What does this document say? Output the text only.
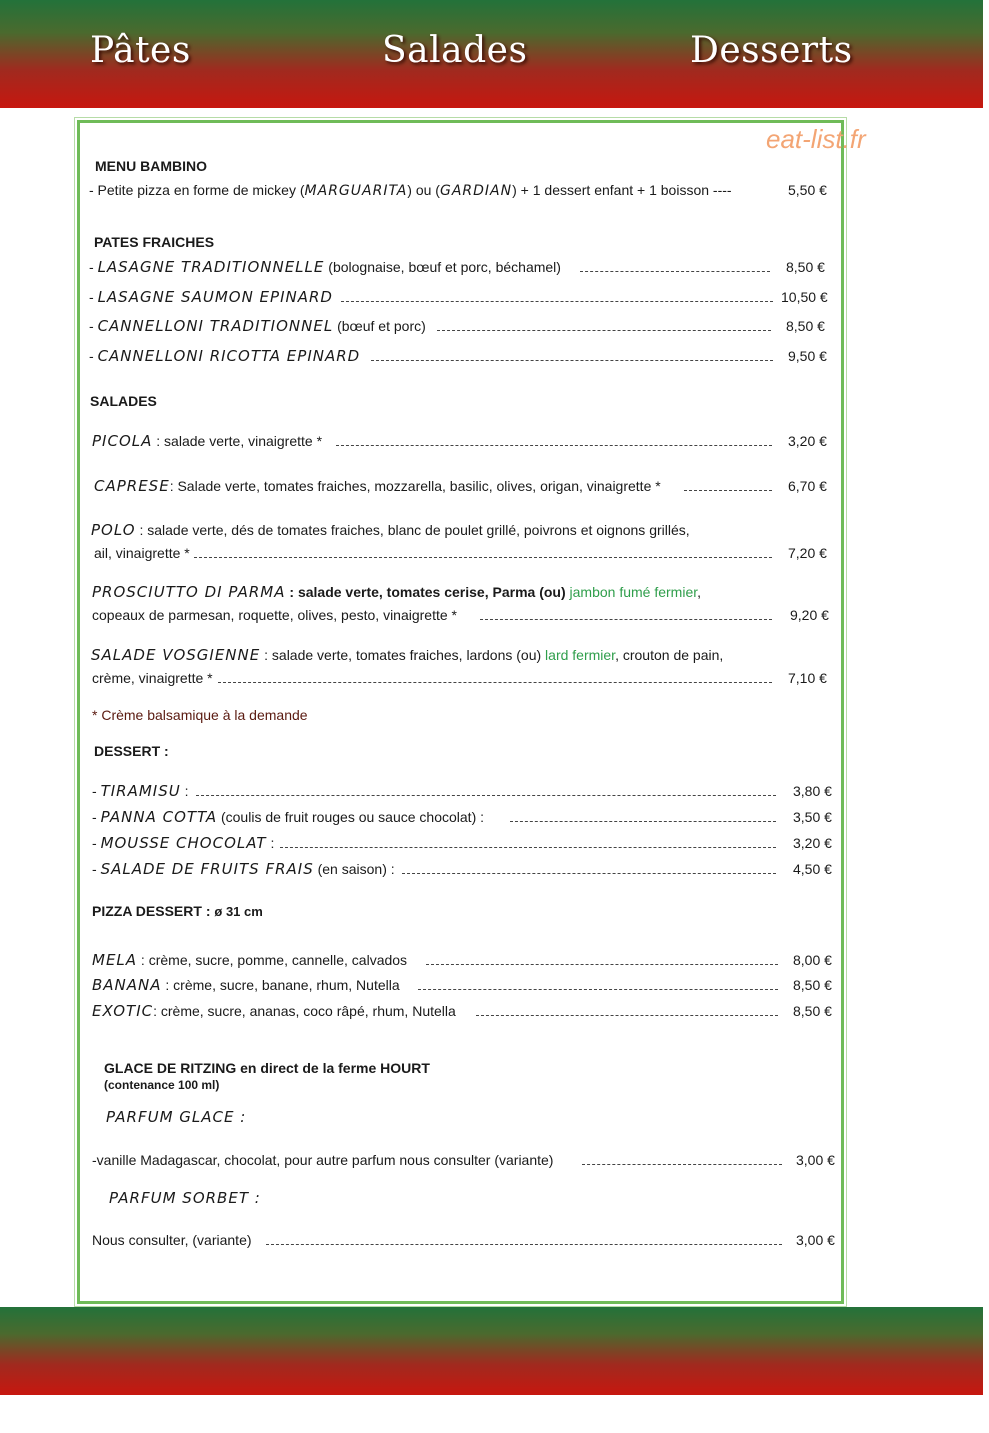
Pâtes	Salades	Desserts
eat-list.fr
MENU BAMBINO
- Petite pizza en forme de mickey (MARGUARITA) ou (GARDIAN) + 1 dessert enfant + 1 boisson ----	5,50 €
PATES FRAICHES
- LASAGNE TRADITIONNELLE (bolognaise, bœuf et porc, béchamel)	8,50 €
- LASAGNE SAUMON EPINARD	10,50 €
- CANNELLONI TRADITIONNEL (bœuf et porc)	8,50 €
- CANNELLONI RICOTTA EPINARD	9,50 €
SALADES
PICOLA : salade verte, vinaigrette *	3,20 €
CAPRESE: Salade verte, tomates fraiches, mozzarella, basilic, olives, origan, vinaigrette *	6,70 €
POLO : salade verte, dés de tomates fraiches, blanc de poulet grillé, poivrons et oignons grillés,
ail, vinaigrette *	7,20 €
PROSCIUTTO DI PARMA : salade verte, tomates cerise, Parma (ou) jambon fumé fermier,
copeaux de parmesan, roquette, olives, pesto, vinaigrette *	9,20 €
SALADE VOSGIENNE : salade verte, tomates fraiches, lardons (ou) lard fermier, crouton de pain,
crème, vinaigrette *	7,10 €
* Crème balsamique à la demande
DESSERT :
- TIRAMISU :	3,80 €
- PANNA COTTA (coulis de fruit rouges ou sauce chocolat) :	3,50 €
- MOUSSE CHOCOLAT :	3,20 €
- SALADE DE FRUITS FRAIS (en saison) :	4,50 €
PIZZA DESSERT : ø 31 cm
MELA : crème, sucre, pomme, cannelle, calvados	8,00 €
BANANA : crème, sucre, banane, rhum, Nutella	8,50 €
EXOTIC: crème, sucre, ananas, coco râpé, rhum, Nutella	8,50 €
GLACE DE RITZING en direct de la ferme HOURT
(contenance 100 ml)
PARFUM GLACE :
-vanille Madagascar, chocolat, pour autre parfum nous consulter (variante)	3,00 €
PARFUM SORBET :
Nous consulter, (variante)	3,00 €
